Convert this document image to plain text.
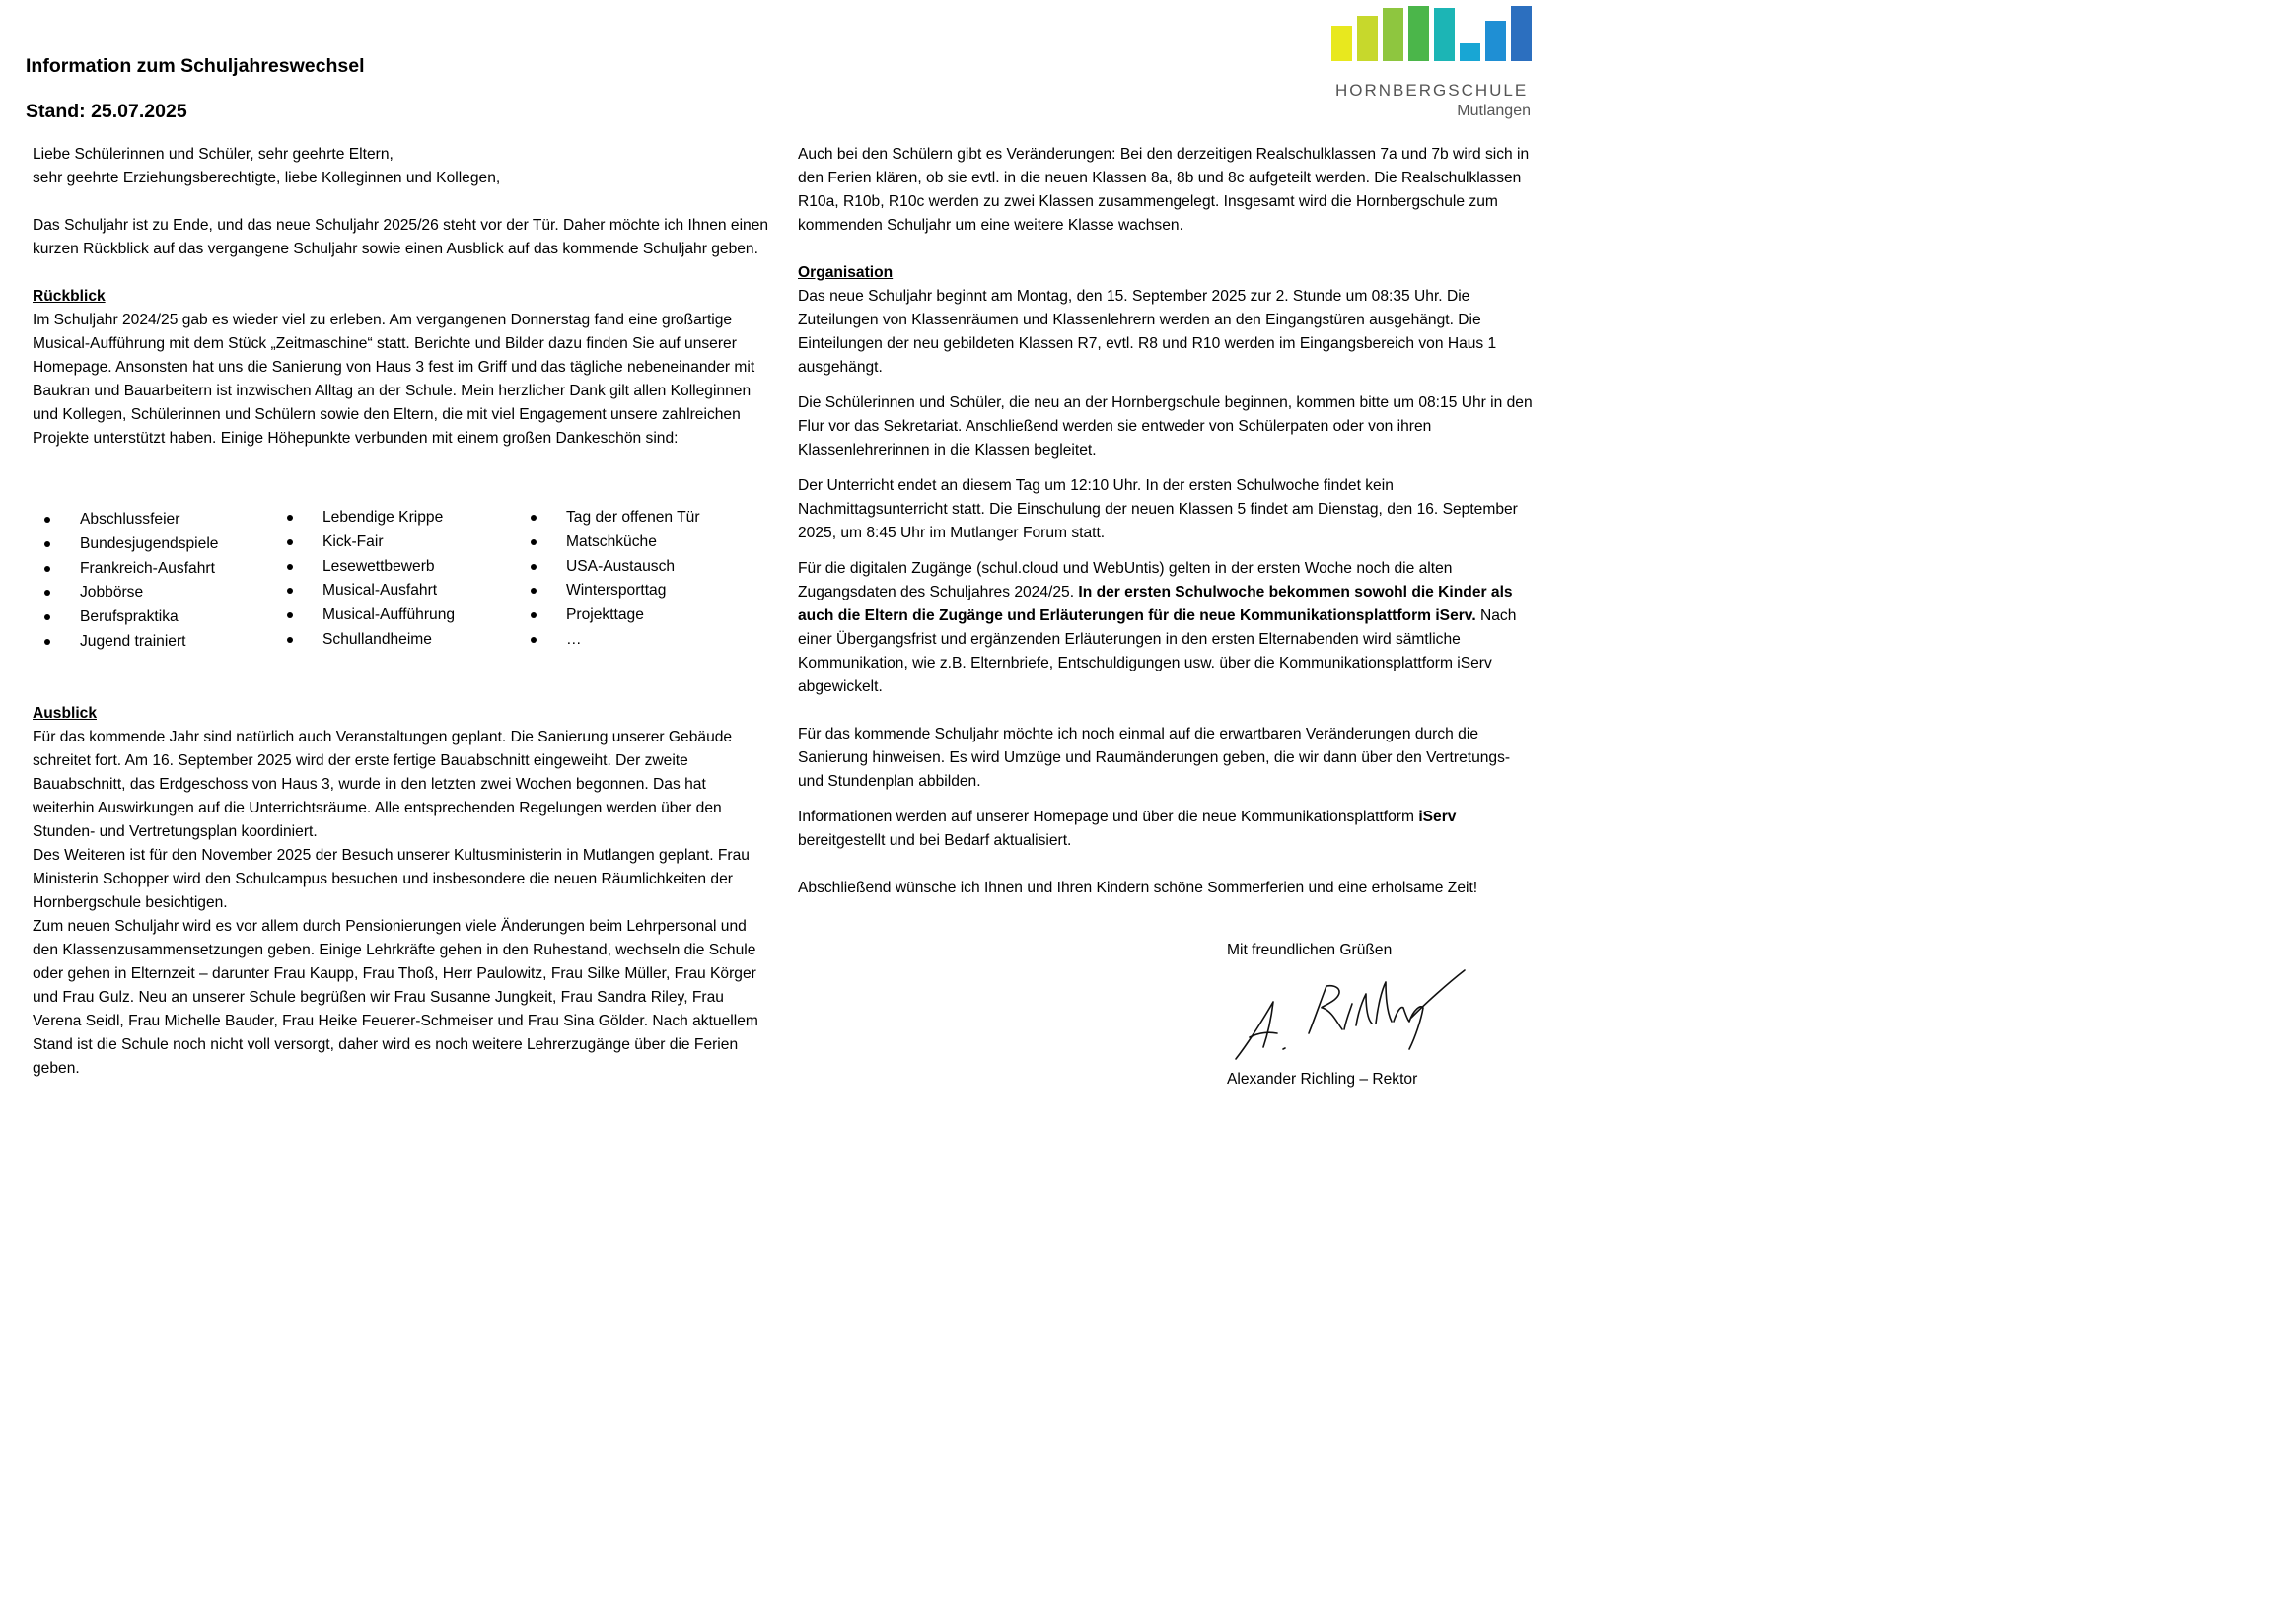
Information zum Schuljahreswechsel
Stand: 25.07.2025
HORNBERGSCHULE
Mutlangen

Liebe Schülerinnen und Schüler, sehr geehrte Eltern,

sehr geehrte Erziehungsberechtigte, liebe Kolleginnen und Kollegen,

Das Schuljahr ist zu Ende, und das neue Schuljahr 2025/26 steht vor der Tür. Daher möchte ich Ihnen einen kurzen Rückblick auf das vergangene Schuljahr sowie einen Ausblick auf das kommende Schuljahr geben.

Rückblick

Im Schuljahr 2024/25 gab es wieder viel zu erleben. Am vergangenen Donnerstag fand eine großartige Musical-Aufführung mit dem Stück „Zeitmaschine“ statt. Berichte und Bilder dazu finden Sie auf unserer Homepage. Ansonsten hat uns die Sanierung von Haus 3 fest im Griff und das tägliche nebeneinander mit Baukran und Bauarbeitern ist inzwischen Alltag an der Schule. Mein herzlicher Dank gilt allen Kolleginnen und Kollegen, Schülerinnen und Schülern sowie den Eltern, die mit viel Engagement unsere zahlreichen Projekte unterstützt haben. Einige Höhepunkte verbunden mit einem großen Dankeschön sind:

Abschlussfeier
Bundesjugendspiele
Frankreich-Ausfahrt
Jobbörse
Berufspraktika
Jugend trainiert
Lebendige Krippe
Kick-Fair
Lesewettbewerb
Musical-Ausfahrt
Musical-Aufführung
Schullandheime
Tag der offenen Tür
Matschküche
USA-Austausch
Wintersporttag
Projekttage
…

Ausblick

Für das kommende Jahr sind natürlich auch Veranstaltungen geplant. Die Sanierung unserer Gebäude schreitet fort. Am 16. September 2025 wird der erste fertige Bauabschnitt eingeweiht. Der zweite Bauabschnitt, das Erdgeschoss von Haus 3, wurde in den letzten zwei Wochen begonnen. Das hat weiterhin Auswirkungen auf die Unterrichtsräume. Alle entsprechenden Regelungen werden über den Stunden- und Vertretungsplan koordiniert.

Des Weiteren ist für den November 2025 der Besuch unserer Kultusministerin in Mutlangen geplant. Frau Ministerin Schopper wird den Schulcampus besuchen und insbesondere die neuen Räumlichkeiten der Hornbergschule besichtigen.

Zum neuen Schuljahr wird es vor allem durch Pensionierungen viele Änderungen beim Lehrpersonal und den Klassenzusammensetzungen geben. Einige Lehrkräfte gehen in den Ruhestand, wechseln die Schule oder gehen in Elternzeit – darunter Frau Kaupp, Frau Thoß, Herr Paulowitz, Frau Silke Müller, Frau Körger und Frau Gulz. Neu an unserer Schule begrüßen wir Frau Susanne Jungkeit, Frau Sandra Riley, Frau Verena Seidl, Frau Michelle Bauder, Frau Heike Feuerer-Schmeiser und Frau Sina Gölder. Nach aktuellem Stand ist die Schule noch nicht voll versorgt, daher wird es noch weitere Lehrerzugänge über die Ferien geben.

Auch bei den Schülern gibt es Veränderungen: Bei den derzeitigen Realschulklassen 7a und 7b wird sich in den Ferien klären, ob sie evtl. in die neuen Klassen 8a, 8b und 8c aufgeteilt werden. Die Realschulklassen R10a, R10b, R10c werden zu zwei Klassen zusammengelegt. Insgesamt wird die Hornbergschule zum kommenden Schuljahr um eine weitere Klasse wachsen.

Organisation

Das neue Schuljahr beginnt am Montag, den 15. September 2025 zur 2. Stunde um 08:35 Uhr. Die Zuteilungen von Klassenräumen und Klassenlehrern werden an den Eingangstüren ausgehängt. Die Einteilungen der neu gebildeten Klassen R7, evtl. R8 und R10 werden im Eingangsbereich von Haus 1 ausgehängt.

Die Schülerinnen und Schüler, die neu an der Hornbergschule beginnen, kommen bitte um 08:15 Uhr in den Flur vor das Sekretariat. Anschließend werden sie entweder von Schülerpaten oder von ihren Klassenlehrerinnen in die Klassen begleitet.

Der Unterricht endet an diesem Tag um 12:10 Uhr. In der ersten Schulwoche findet kein Nachmittagsunterricht statt. Die Einschulung der neuen Klassen 5 findet am Dienstag, den 16. September 2025, um 8:45 Uhr im Mutlanger Forum statt.

Für die digitalen Zugänge (schul.cloud und WebUntis) gelten in der ersten Woche noch die alten Zugangsdaten des Schuljahres 2024/25. In der ersten Schulwoche bekommen sowohl die Kinder als auch die Eltern die Zugänge und Erläuterungen für die neue Kommunikationsplattform iServ. Nach einer Übergangsfrist und ergänzenden Erläuterungen in den ersten Elternabenden wird sämtliche Kommunikation, wie z.B. Elternbriefe, Entschuldigungen usw. über die Kommunikationsplattform iServ abgewickelt.

Für das kommende Schuljahr möchte ich noch einmal auf die erwartbaren Veränderungen durch die Sanierung hinweisen. Es wird Umzüge und Raumänderungen geben, die wir dann über den Vertretungs- und Stundenplan abbilden.

Informationen werden auf unserer Homepage und über die neue Kommunikationsplattform iServ bereitgestellt und bei Bedarf aktualisiert.

Abschließend wünsche ich Ihnen und Ihren Kindern schöne Sommerferien und eine erholsame Zeit!

Mit freundlichen Grüßen
Alexander Richling – Rektor
